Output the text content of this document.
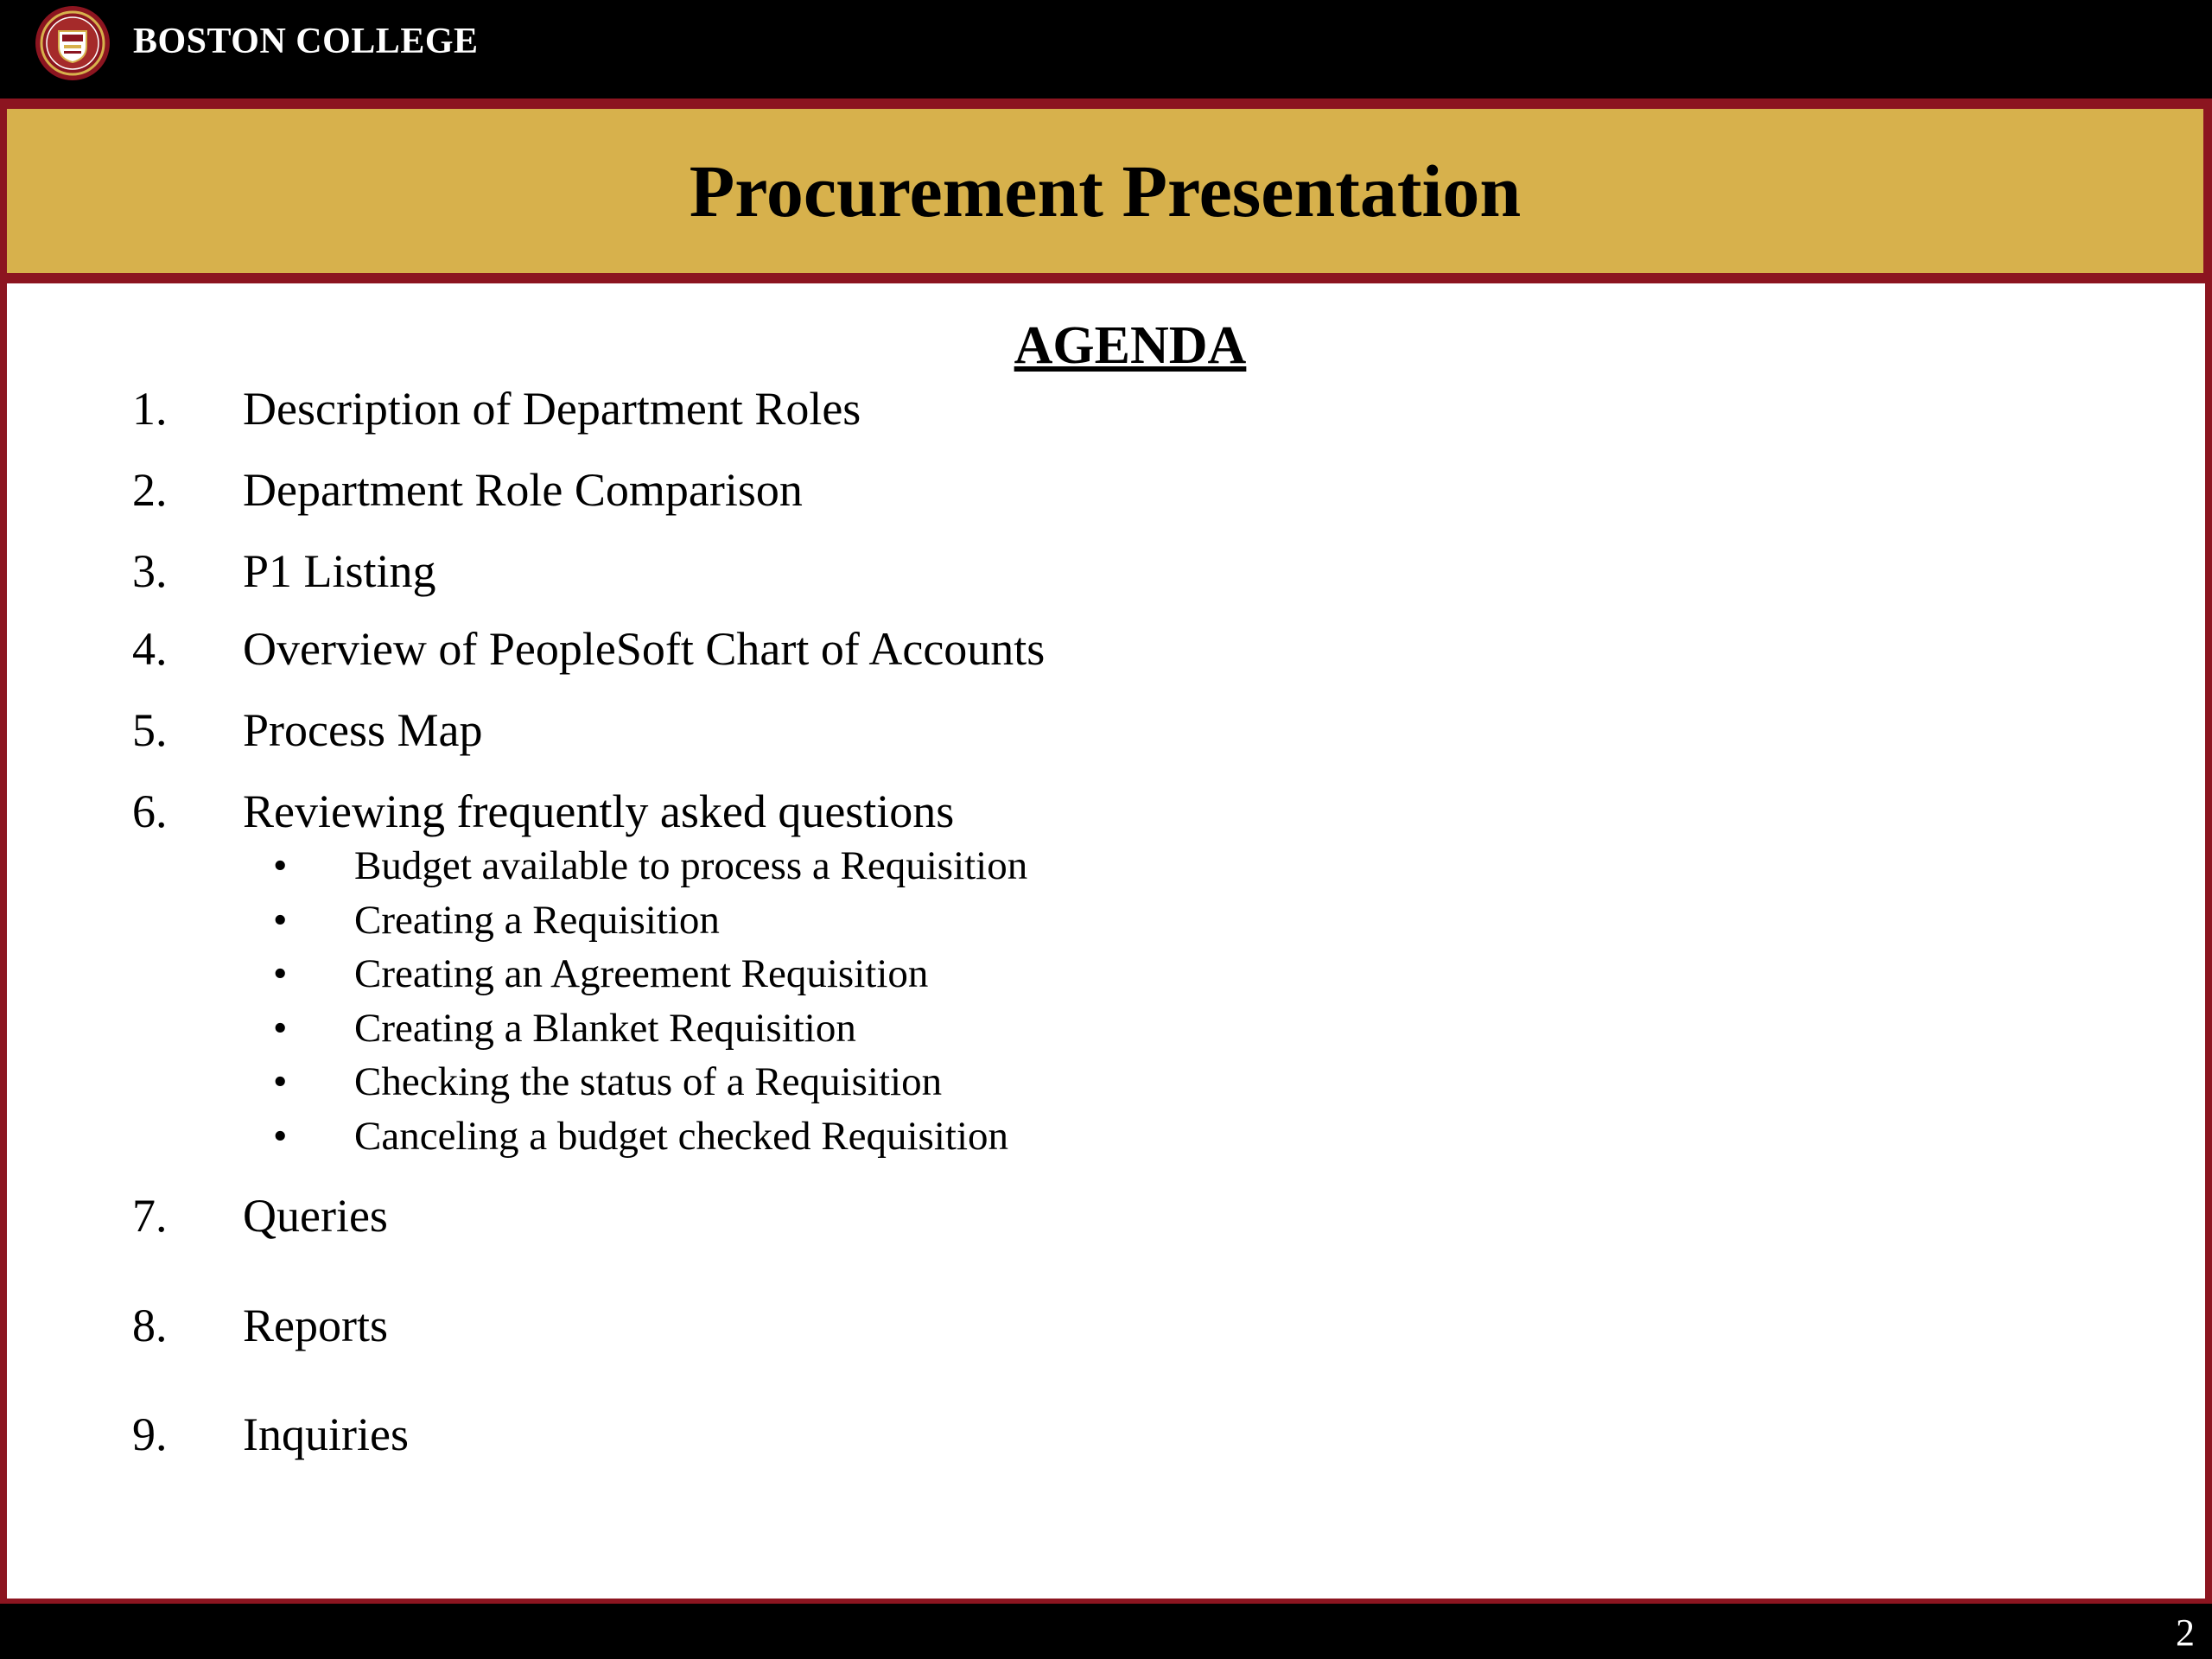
BOSTON COLLEGE
Procurement Presentation
AGENDA
1. Description of Department Roles
2. Department Role Comparison
3. P1 Listing
4. Overview of PeopleSoft Chart of Accounts
5. Process Map
6. Reviewing frequently asked questions
• Budget available to process a Requisition
• Creating a Requisition
• Creating an Agreement Requisition
• Creating a Blanket Requisition
• Checking the status of a Requisition
• Canceling a budget checked Requisition
7. Queries
8. Reports
9. Inquiries
2
